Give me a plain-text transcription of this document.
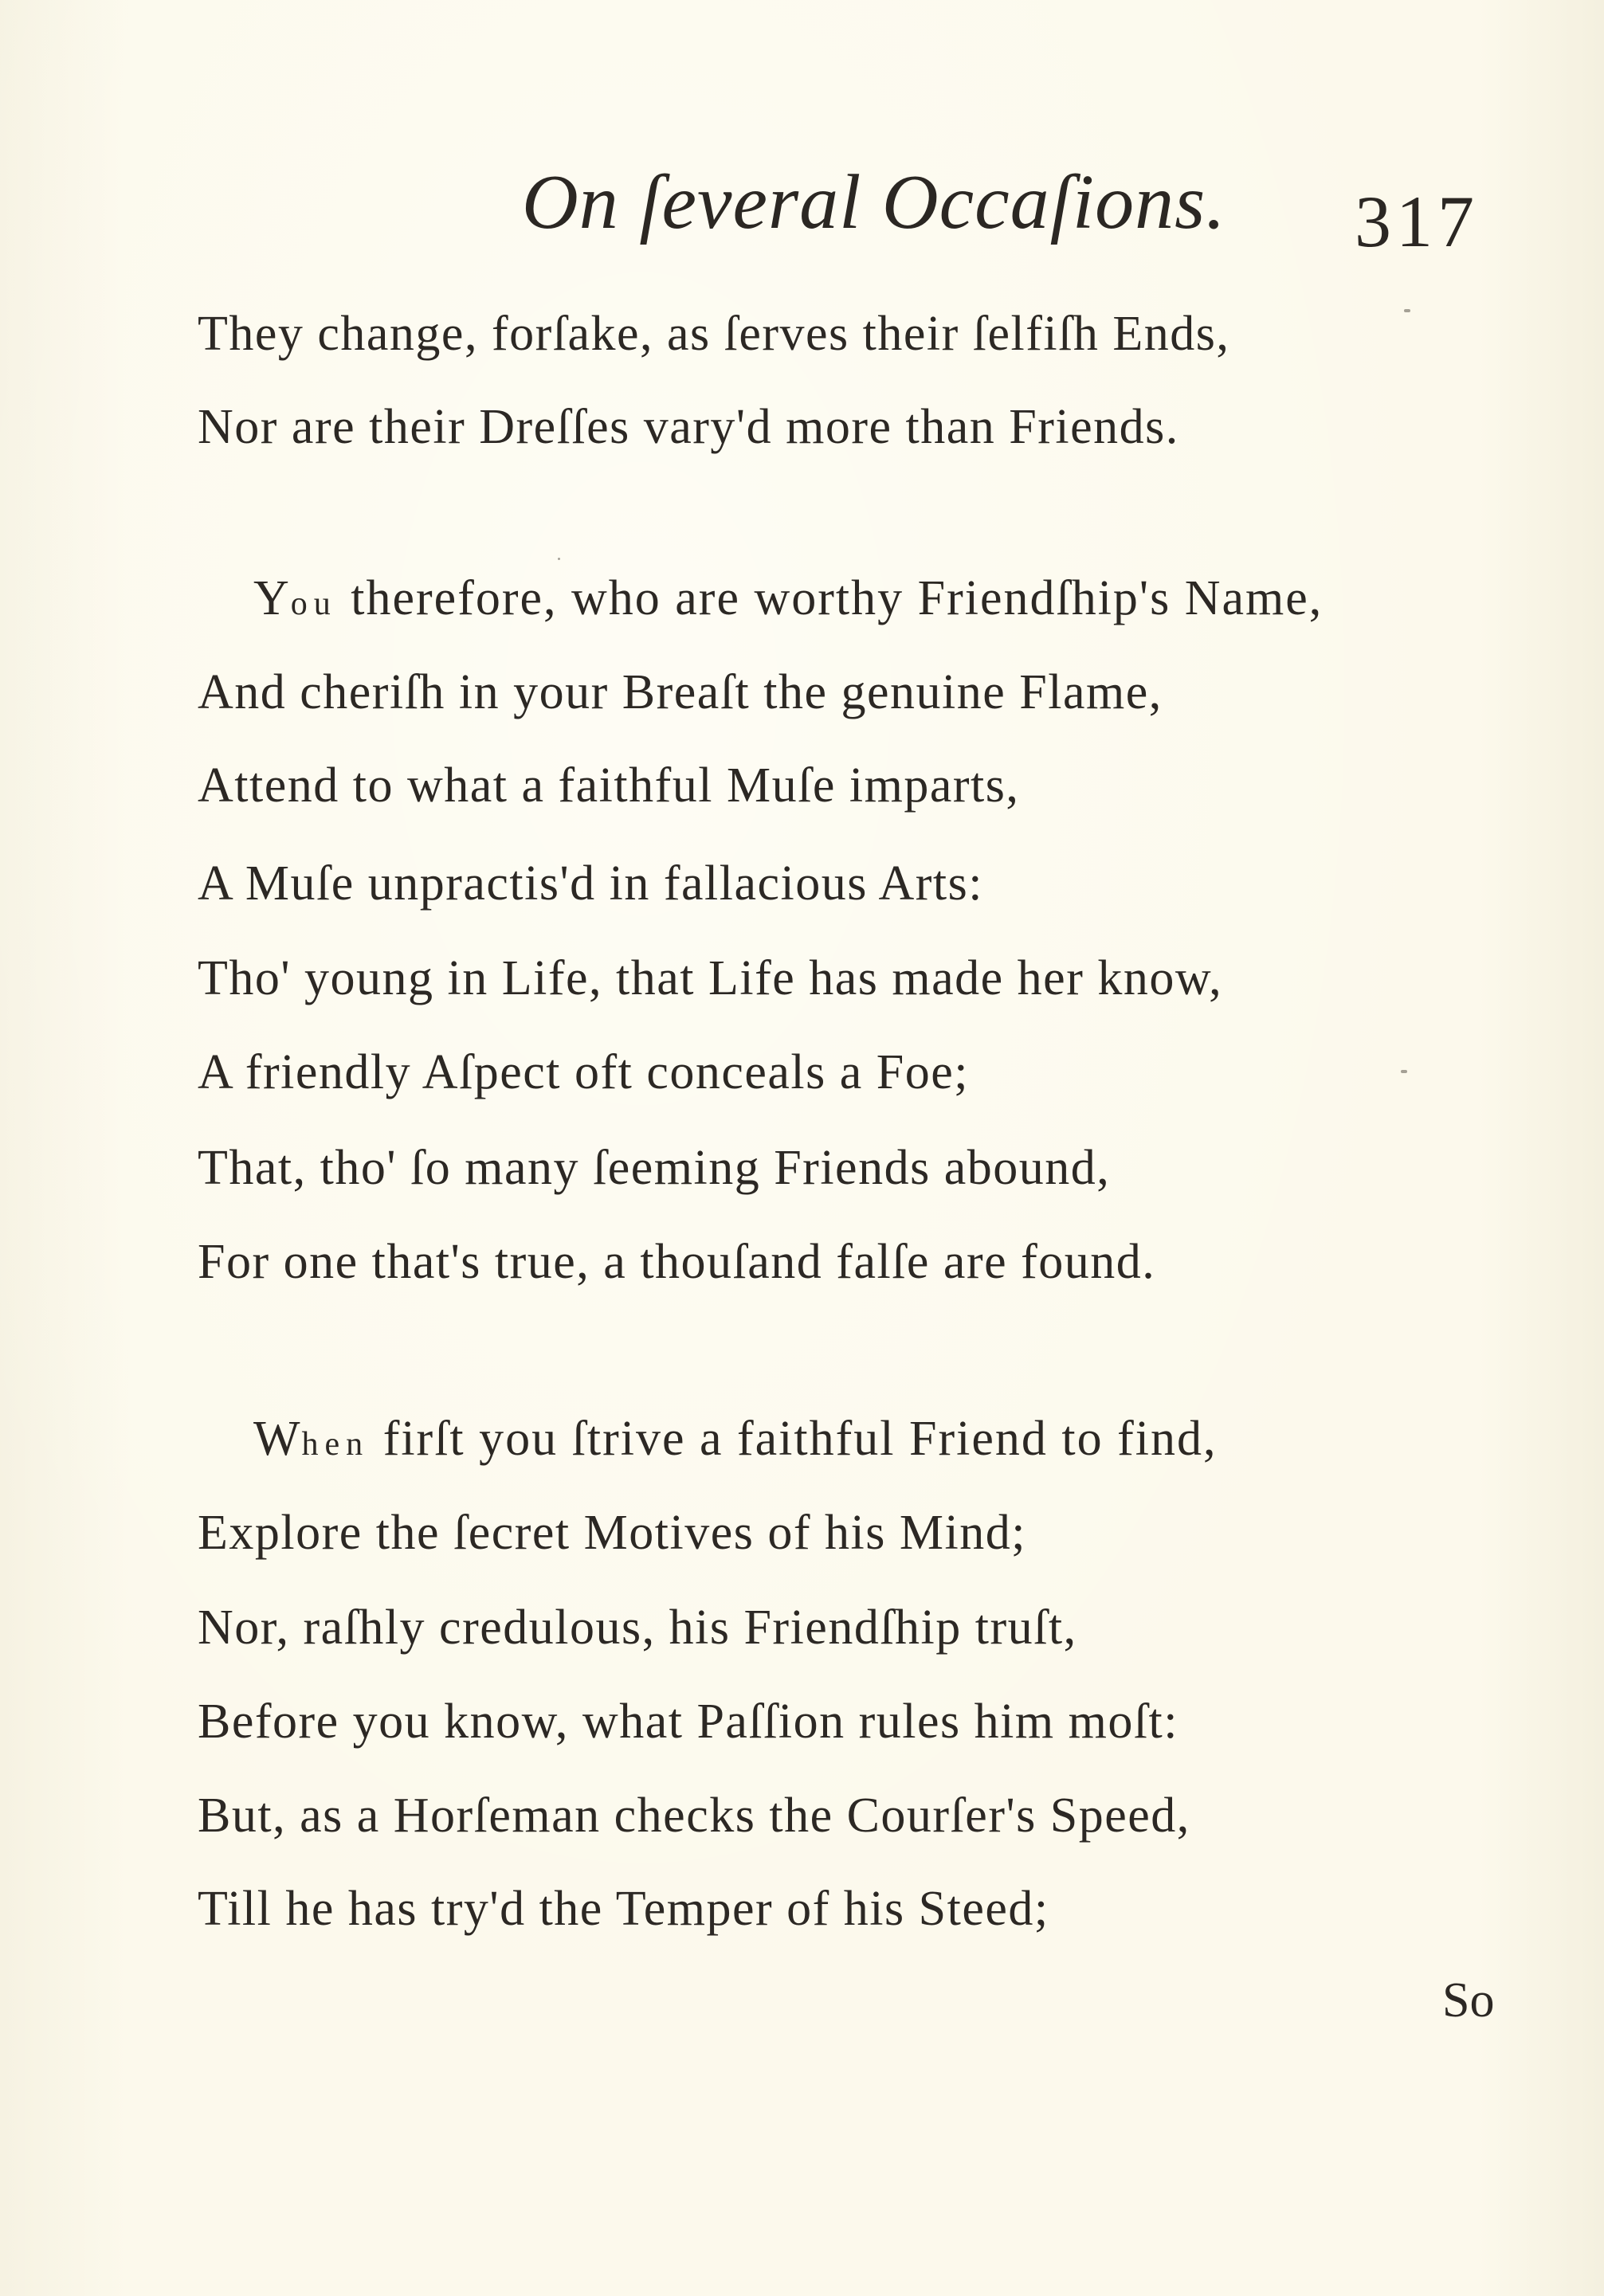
On ſeveral Occaſions. 317
They change, forſake, as ſerves their ſelfiſh Ends,
Nor are their Dreſſes vary'd more than Friends.
You therefore, who are worthy Friendſhip's Name,
And cheriſh in your Breaſt the genuine Flame,
Attend to what a faithful Muſe imparts,
A Muſe unpractis'd in fallacious Arts:
Tho' young in Life, that Life has made her know,
A friendly Aſpect oft conceals a Foe;
That, tho' ſo many ſeeming Friends abound,
For one that's true, a thouſand falſe are found.
When firſt you ſtrive a faithful Friend to find,
Explore the ſecret Motives of his Mind;
Nor, raſhly credulous, his Friendſhip truſt,
Before you know, what Paſſion rules him moſt:
But, as a Horſeman checks the Courſer's Speed,
Till he has try'd the Temper of his Steed;
So
